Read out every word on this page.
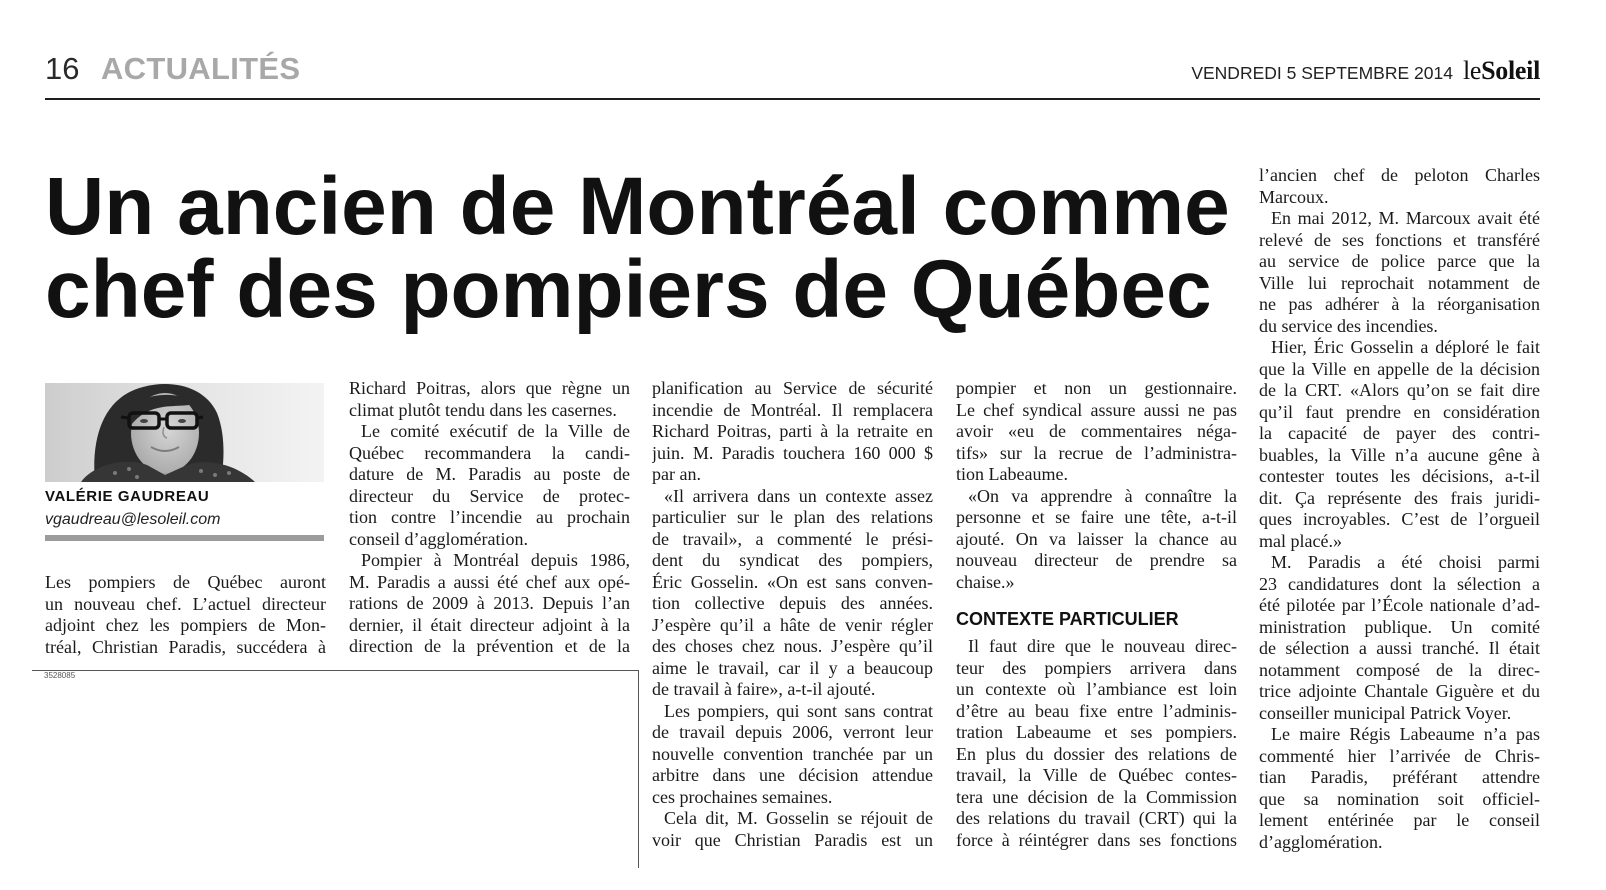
16 ACTUALITÉS	VENDREDI 5 SEPTEMBRE 2014 leSoleil
Un ancien de Montréal comme
chef des pompiers de Québec
VALÉRIE GAUDREAU
vgaudreau@lesoleil.com
Les pompiers de Québec auront
un nouveau chef. L’actuel directeur
adjoint chez les pompiers de Mon-
tréal, Christian Paradis, succédera à
Richard Poitras, alors que règne un
climat plutôt tendu dans les casernes.
Le comité exécutif de la Ville de
Québec recommandera la candi-
dature de M. Paradis au poste de
directeur du Service de protec-
tion contre l’incendie au prochain
conseil d’agglomération.
Pompier à Montréal depuis 1986,
M. Paradis a aussi été chef aux opé-
rations de 2009 à 2013. Depuis l’an
dernier, il était directeur adjoint à la
direction de la prévention et de la
planification au Service de sécurité
incendie de Montréal. Il remplacera
Richard Poitras, parti à la retraite en
juin. M. Paradis touchera 160 000 $
par an.
«Il arrivera dans un contexte assez
particulier sur le plan des relations
de travail», a commenté le prési-
dent du syndicat des pompiers,
Éric Gosselin. «On est sans conven-
tion collective depuis des années.
J’espère qu’il a hâte de venir régler
des choses chez nous. J’espère qu’il
aime le travail, car il y a beaucoup
de travail à faire», a-t-il ajouté.
Les pompiers, qui sont sans contrat
de travail depuis 2006, verront leur
nouvelle convention tranchée par un
arbitre dans une décision attendue
ces prochaines semaines.
Cela dit, M. Gosselin se réjouit de
voir que Christian Paradis est un
pompier et non un gestionnaire.
Le chef syndical assure aussi ne pas
avoir «eu de commentaires néga-
tifs» sur la recrue de l’administra-
tion Labeaume.
«On va apprendre à connaître la
personne et se faire une tête, a-t-il
ajouté. On va laisser la chance au
nouveau directeur de prendre sa
chaise.»
CONTEXTE PARTICULIER
Il faut dire que le nouveau direc-
teur des pompiers arrivera dans
un contexte où l’ambiance est loin
d’être au beau fixe entre l’adminis-
tration Labeaume et ses pompiers.
En plus du dossier des relations de
travail, la Ville de Québec contes-
tera une décision de la Commission
des relations du travail (CRT) qui la
force à réintégrer dans ses fonctions
l’ancien chef de peloton Charles
Marcoux.
En mai 2012, M. Marcoux avait été
relevé de ses fonctions et transféré
au service de police parce que la
Ville lui reprochait notamment de
ne pas adhérer à la réorganisation
du service des incendies.
Hier, Éric Gosselin a déploré le fait
que la Ville en appelle de la décision
de la CRT. «Alors qu’on se fait dire
qu’il faut prendre en considération
la capacité de payer des contri-
buables, la Ville n’a aucune gêne à
contester toutes les décisions, a-t-il
dit. Ça représente des frais juridi-
ques incroyables. C’est de l’orgueil
mal placé.»
M. Paradis a été choisi parmi
23 candidatures dont la sélection a
été pilotée par l’École nationale d’ad-
ministration publique. Un comité
de sélection a aussi tranché. Il était
notamment composé de la direc-
trice adjointe Chantale Giguère et du
conseiller municipal Patrick Voyer.
Le maire Régis Labeaume n’a pas
commenté hier l’arrivée de Chris-
tian Paradis, préférant attendre
que sa nomination soit officiel-
lement entérinée par le conseil
d’agglomération.
3528085
